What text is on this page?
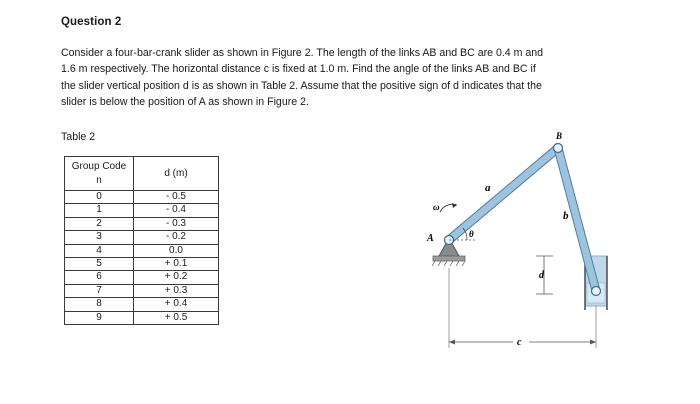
Question 2
Consider a four-bar-crank slider as shown in Figure 2. The length of the links AB and BC are 0.4 m and
1.6 m respectively. The horizontal distance c is fixed at 1.0 m. Find the angle of the links AB and BC if
the slider vertical position d is as shown in Table 2. Assume that the positive sign of d indicates that the
slider is below the position of A as shown in Figure 2.
Table 2
Group Code
n	d (m)
0	- 0.5
1	- 0.4
2	- 0.3
3	- 0.2
4	0.0
5	+ 0.1
6	+ 0.2
7	+ 0.3
8	+ 0.4
9	+ 0.5
A
B
a
b
c
d
θ
ω
